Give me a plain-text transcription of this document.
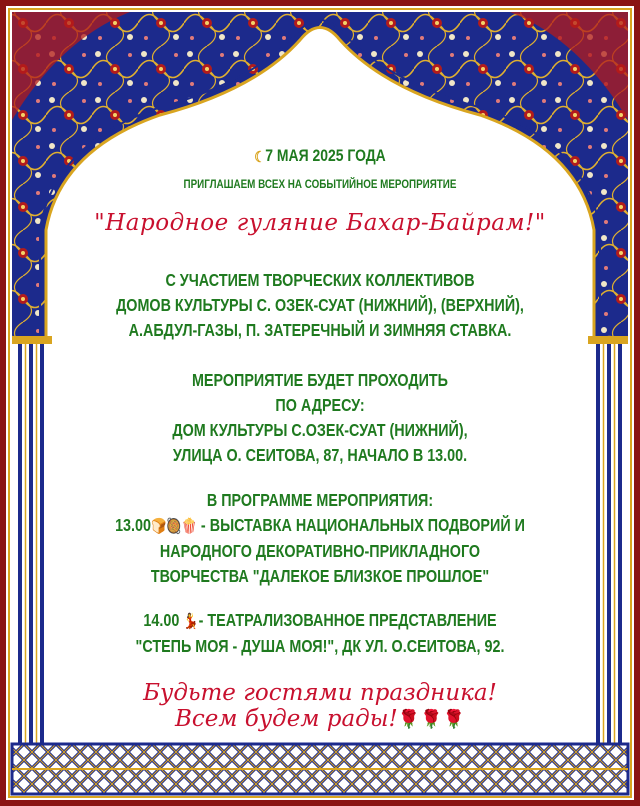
☾7 МАЯ 2025 ГОДА
ПРИГЛАШАЕМ ВСЕХ НА СОБЫТИЙНОЕ МЕРОПРИЯТИЕ
"Народное гуляние Бахар-Байрам!"
С УЧАСТИЕМ ТВОРЧЕСКИХ КОЛЛЕКТИВОВ
ДОМОВ КУЛЬТУРЫ С. ОЗЕК-СУАТ (НИЖНИЙ), (ВЕРХНИЙ),
А.АБДУЛ-ГАЗЫ, П. ЗАТЕРЕЧНЫЙ И ЗИМНЯЯ СТАВКА.
МЕРОПРИЯТИЕ БУДЕТ ПРОХОДИТЬ
ПО АДРЕСУ:
ДОМ КУЛЬТУРЫ С.ОЗЕК-СУАТ (НИЖНИЙ),
УЛИЦА О. СЕИТОВА, 87, НАЧАЛО В 13.00.
В ПРОГРАММЕ МЕРОПРИЯТИЯ:
13.00🍞🥘🍿 - ВЫСТАВКА НАЦИОНАЛЬНЫХ ПОДВОРИЙ И
НАРОДНОГО ДЕКОРАТИВНО-ПРИКЛАДНОГО
ТВОРЧЕСТВА "ДАЛЕКОЕ БЛИЗКОЕ ПРОШЛОЕ"
14.00 💃- ТЕАТРАЛИЗОВАННОЕ ПРЕДСТАВЛЕНИЕ
"СТЕПЬ МОЯ - ДУША МОЯ!", ДК УЛ. О.СЕИТОВА, 92.
Будьте гостями праздника!
Всем будем рады!🌹🌹🌹
